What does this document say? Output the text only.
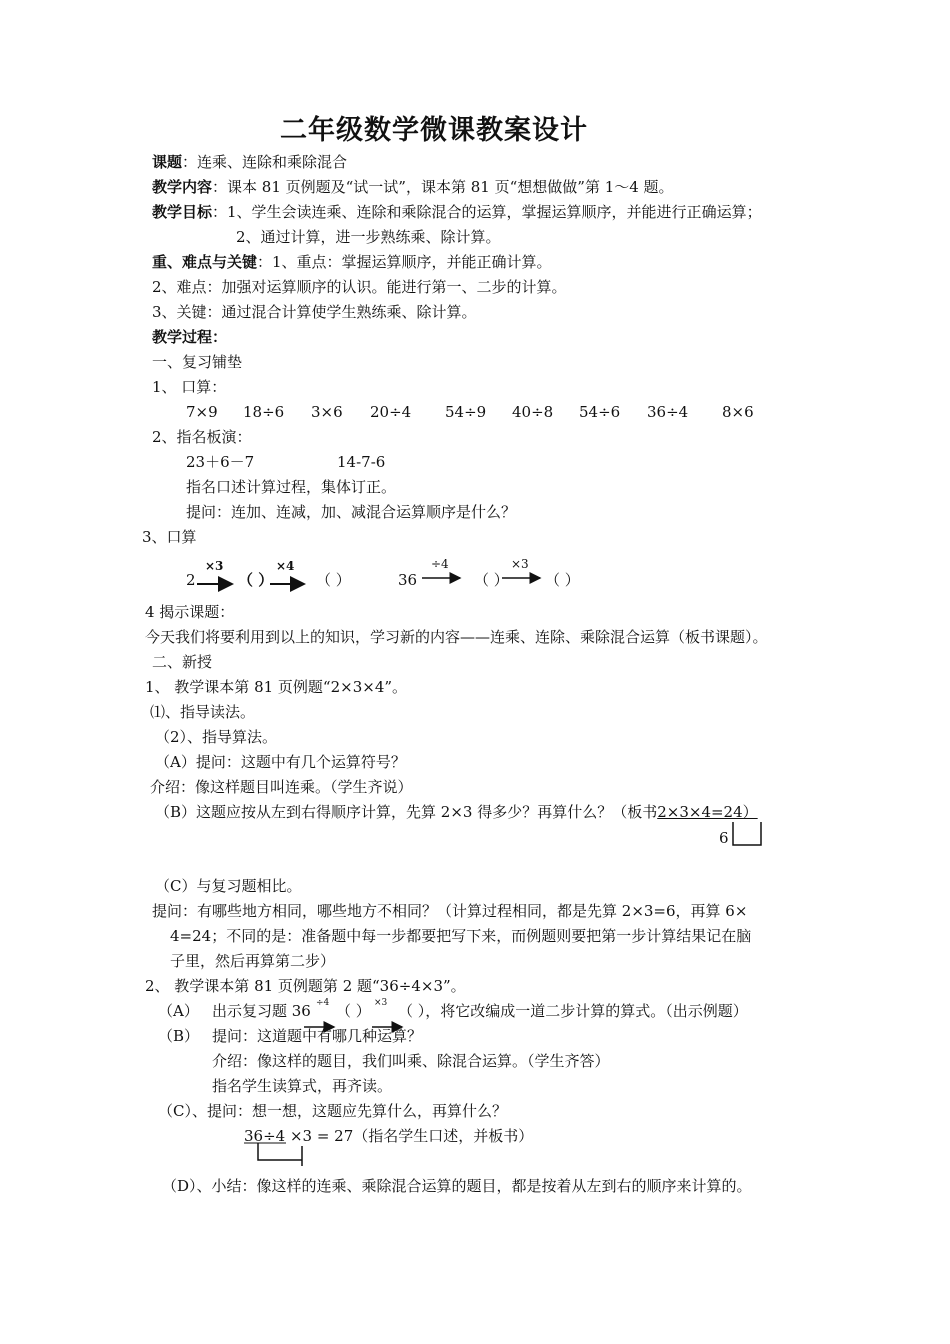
二年级数学微课教案设计
课题：连乘、连除和乘除混合
教学内容：课本 81 页例题及“试一试”，课本第 81 页“想想做做”第 1～4 题。
教学目标：1、学生会读连乘、连除和乘除混合的运算，掌握运算顺序，并能进行正确运算；
2、通过计算，进一步熟练乘、除计算。
重、难点与关键：1、重点：掌握运算顺序，并能正确计算。
2、难点：加强对运算顺序的认识。能进行第一、二步的计算。
3、关键：通过混合计算使学生熟练乘、除计算。
教学过程：
一、复习铺垫
1、 口算：
7×9 18÷6 3×6 20÷4 54÷9 40÷8 54÷6 36÷4 8×6
2、指名板演：
23＋6－7	14-7-6
指名口述计算过程，集体订正。
提问：连加、连减，加、减混合运算顺序是什么？
3、口算
2
×3
（ ）
×4
（ ）	36
÷4
（ ）
×3
（ ）
4 揭示课题：
今天我们将要利用到以上的知识，学习新的内容——连乘、连除、乘除混合运算（板书课题）。
二、新授
1、 教学课本第 81 页例题“2×3×4”。
⑴、指导读法。
（2）、指导算法。
（A）提问：这题中有几个运算符号？
介绍：像这样题目叫连乘。（学生齐说）
（B）这题应按从左到右得顺序计算，先算 2×3 得多少？再算什么？（板书2×3×4=24）
6
（C）与复习题相比。
提问：有哪些地方相同，哪些地方不相同？（计算过程相同，都是先算 2×3=6，再算 6×
4=24；不同的是：准备题中每一步都要把写下来，而例题则要把第一步计算结果记在脑
子里，然后再算第二步）
2、 教学课本第 81 页例题第 2 题“36÷4×3”。
（A） 出示复习题 36 ÷4 （ ） ×3 （ ），将它改编成一道二步计算的算式。（出示例题）
（B） 提问：这道题中有哪几种运算？
介绍：像这样的题目，我们叫乘、除混合运算。（学生齐答）
指名学生读算式，再齐读。
（C）、提问：想一想，这题应先算什么，再算什么？
36÷4 ×3 = 27（指名学生口述，并板书）
（D）、小结：像这样的连乘、乘除混合运算的题目，都是按着从左到右的顺序来计算的。
